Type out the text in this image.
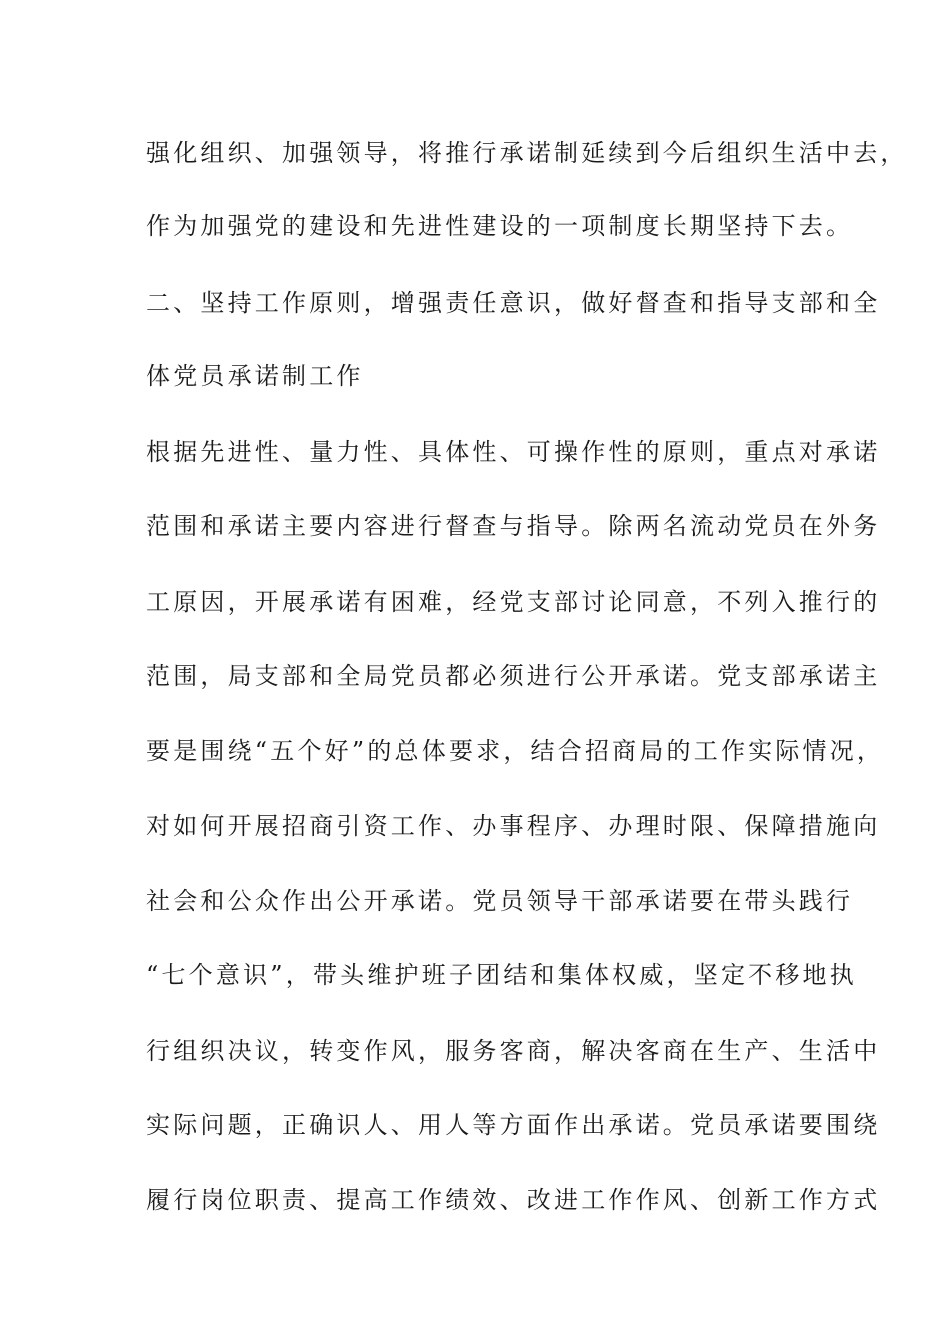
强化组织、加强领导，将推行承诺制延续到今后组织生活中去，
作为加强党的建设和先进性建设的一项制度长期坚持下去。
二、坚持工作原则，增强责任意识，做好督查和指导支部和全
体党员承诺制工作
根据先进性、量力性、具体性、可操作性的原则，重点对承诺
范围和承诺主要内容进行督查与指导。除两名流动党员在外务
工原因，开展承诺有困难，经党支部讨论同意，不列入推行的
范围，局支部和全局党员都必须进行公开承诺。党支部承诺主
要是围绕“五个好”的总体要求，结合招商局的工作实际情况，
对如何开展招商引资工作、办事程序、办理时限、保障措施向
社会和公众作出公开承诺。党员领导干部承诺要在带头践行
“七个意识”，带头维护班子团结和集体权威，坚定不移地执
行组织决议，转变作风，服务客商，解决客商在生产、生活中
实际问题，正确识人、用人等方面作出承诺。党员承诺要围绕
履行岗位职责、提高工作绩效、改进工作作风、创新工作方式
